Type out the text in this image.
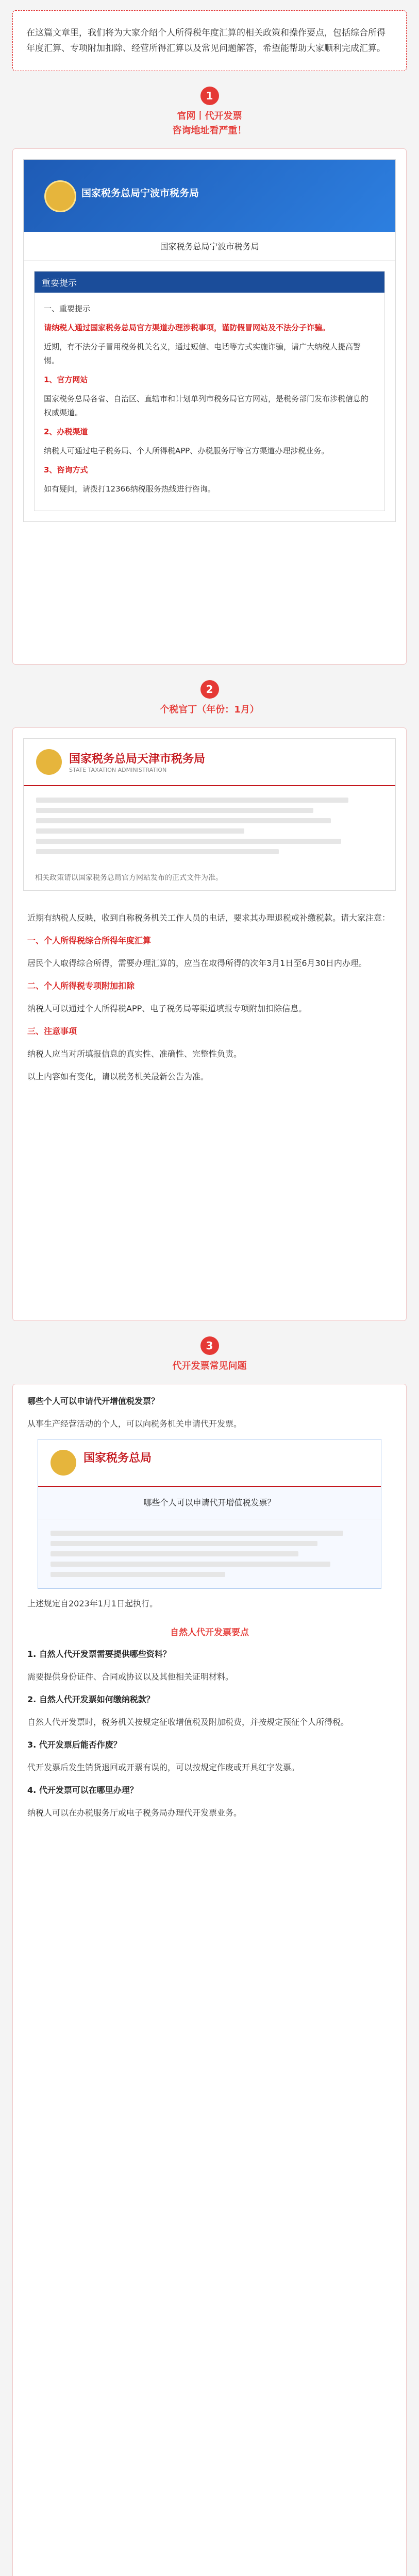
在这篇文章里，我们将为大家介绍个人所得税年度汇算的相关政策和操作要点，包括综合所得年度汇算、专项附加扣除、经营所得汇算以及常见问题解答，希望能帮助大家顺利完成汇算。
1
官网丨代开发票
咨询地址看严重！
国家税务总局宁波市税务局
国家税务总局宁波市税务局
重要提示

一、重要提示

请纳税人通过国家税务总局官方渠道办理涉税事项，谨防假冒网站及不法分子诈骗。

近期，有不法分子冒用税务机关名义，通过短信、电话等方式实施诈骗，请广大纳税人提高警惕。

1、官方网站

国家税务总局各省、自治区、直辖市和计划单列市税务局官方网站，是税务部门发布涉税信息的权威渠道。

2、办税渠道

纳税人可通过电子税务局、个人所得税APP、办税服务厅等官方渠道办理涉税业务。

3、咨询方式

如有疑问，请拨打12366纳税服务热线进行咨询。

2
个税官丁（年份：1月）
国家税务总局天津市税务局
STATE TAXATION ADMINISTRATION
相关政策请以国家税务总局官方网站发布的正式文件为准。

近期有纳税人反映，收到自称税务机关工作人员的电话，要求其办理退税或补缴税款。请大家注意：

一、个人所得税综合所得年度汇算

居民个人取得综合所得，需要办理汇算的，应当在取得所得的次年3月1日至6月30日内办理。

二、个人所得税专项附加扣除

纳税人可以通过个人所得税APP、电子税务局等渠道填报专项附加扣除信息。

三、注意事项

纳税人应当对所填报信息的真实性、准确性、完整性负责。

以上内容如有变化，请以税务机关最新公告为准。

3
代开发票常见问题

哪些个人可以申请代开增值税发票？

从事生产经营活动的个人，可以向税务机关申请代开发票。

国家税务总局
哪些个人可以申请代开增值税发票？

上述规定自2023年1月1日起执行。

自然人代开发票要点

1. 自然人代开发票需要提供哪些资料？

需要提供身份证件、合同或协议以及其他相关证明材料。

2. 自然人代开发票如何缴纳税款？

自然人代开发票时，税务机关按规定征收增值税及附加税费，并按规定预征个人所得税。

3. 代开发票后能否作废？

代开发票后发生销货退回或开票有误的，可以按规定作废或开具红字发票。

4. 代开发票可以在哪里办理？

纳税人可以在办税服务厅或电子税务局办理代开发票业务。
